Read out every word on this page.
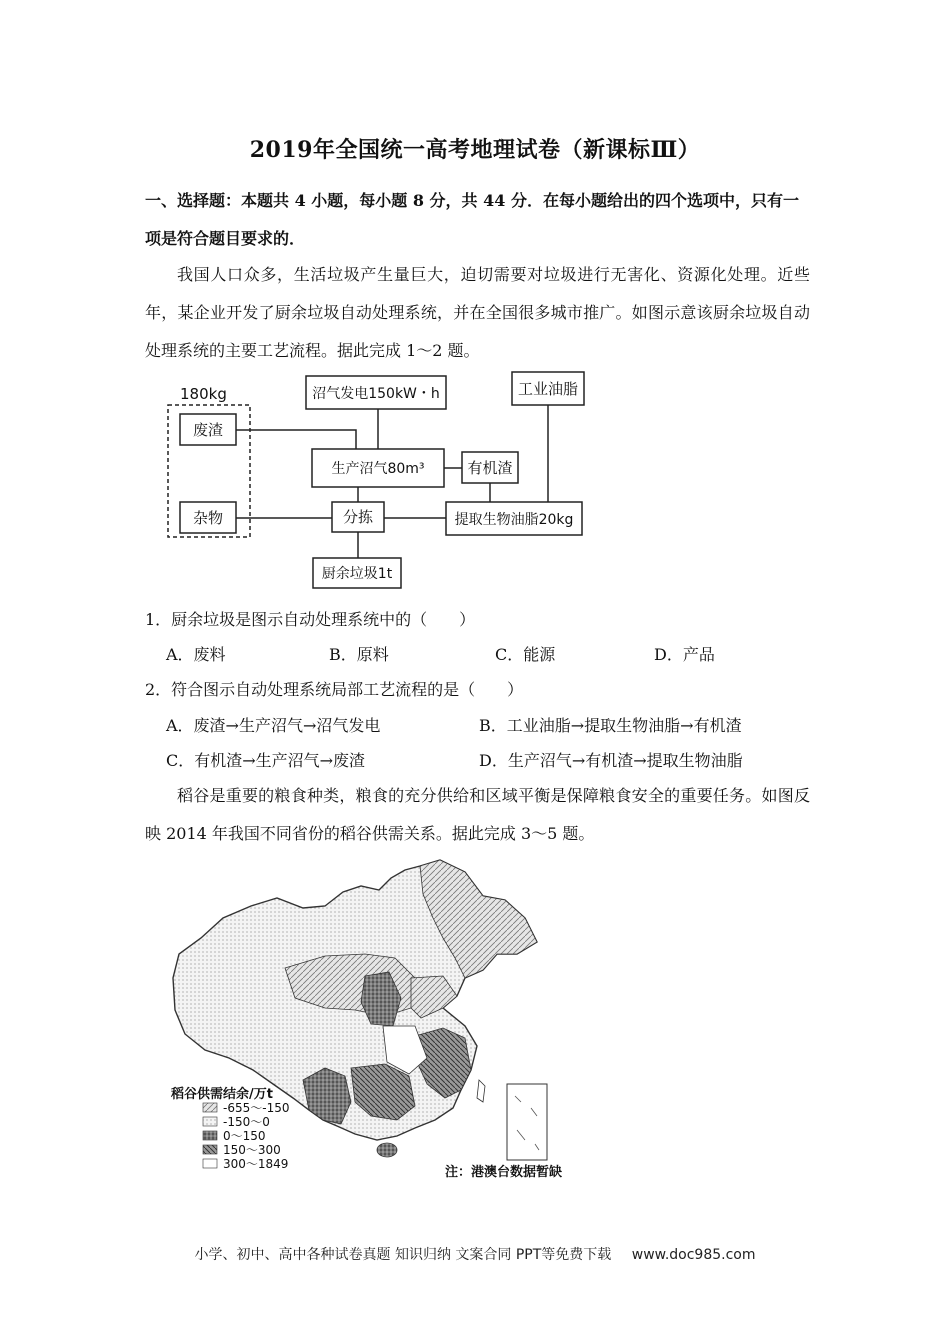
2019年全国统一高考地理试卷（新课标Ⅲ）
一、选择题：本题共 4 小题，每小题 8 分，共 44 分．在每小题给出的四个选项中，只有一
项是符合题目要求的．
我国人口众多，生活垃圾产生量巨大，迫切需要对垃圾进行无害化、资源化处理。近些年，某企业开发了厨余垃圾自动处理系统，并在全国很多城市推广。如图示意该厨余垃圾自动处理系统的主要工艺流程。据此完成 1～2 题。
180kg
废渣
杂物
沼气发电150kW・h	工业油脂
生产沼气80m³	有机渣
分拣	提取生物油脂20kg
厨余垃圾1t
1．厨余垃圾是图示自动处理系统中的（　　）
A．废料	B．原料	C．能源	D．产品
2．符合图示自动处理系统局部工艺流程的是（　　）
A．废渣→生产沼气→沼气发电	B．工业油脂→提取生物油脂→有机渣
C．有机渣→生产沼气→废渣	D．生产沼气→有机渣→提取生物油脂
稻谷是重要的粮食种类，粮食的充分供给和区域平衡是保障粮食安全的重要任务。如图反映 2014 年我国不同省份的稻谷供需关系。据此完成 3～5 题。
稻谷供需结余/万t
-655～-150
-150～0
0～150
150～300
300～1849
注：港澳台数据暂缺
小学、初中、高中各种试卷真题 知识归纳 文案合同 PPT等免费下载 www.doc985.com
